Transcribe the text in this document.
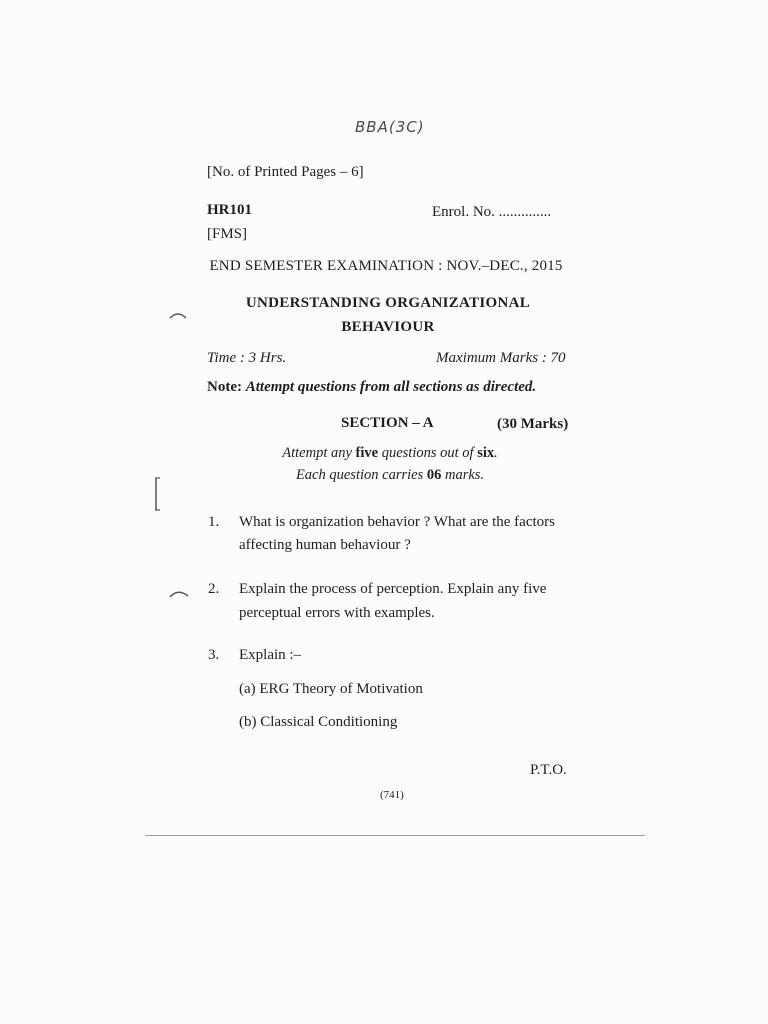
BBA(3C)
[No. of Printed Pages – 6]
HR101	Enrol. No. ..............
[FMS]
END SEMESTER EXAMINATION : NOV.–DEC., 2015
UNDERSTANDING ORGANIZATIONAL
BEHAVIOUR
Time : 3 Hrs.	Maximum Marks : 70
Note: Attempt questions from all sections as directed.
SECTION – A	(30 Marks)
Attempt any five questions out of six.
Each question carries 06 marks.
1. What is organization behavior ? What are the factors
affecting human behaviour ?
2. Explain the process of perception. Explain any five
perceptual errors with examples.
3. Explain :–
(a) ERG Theory of Motivation
(b) Classical Conditioning
P.T.O.
(741)
